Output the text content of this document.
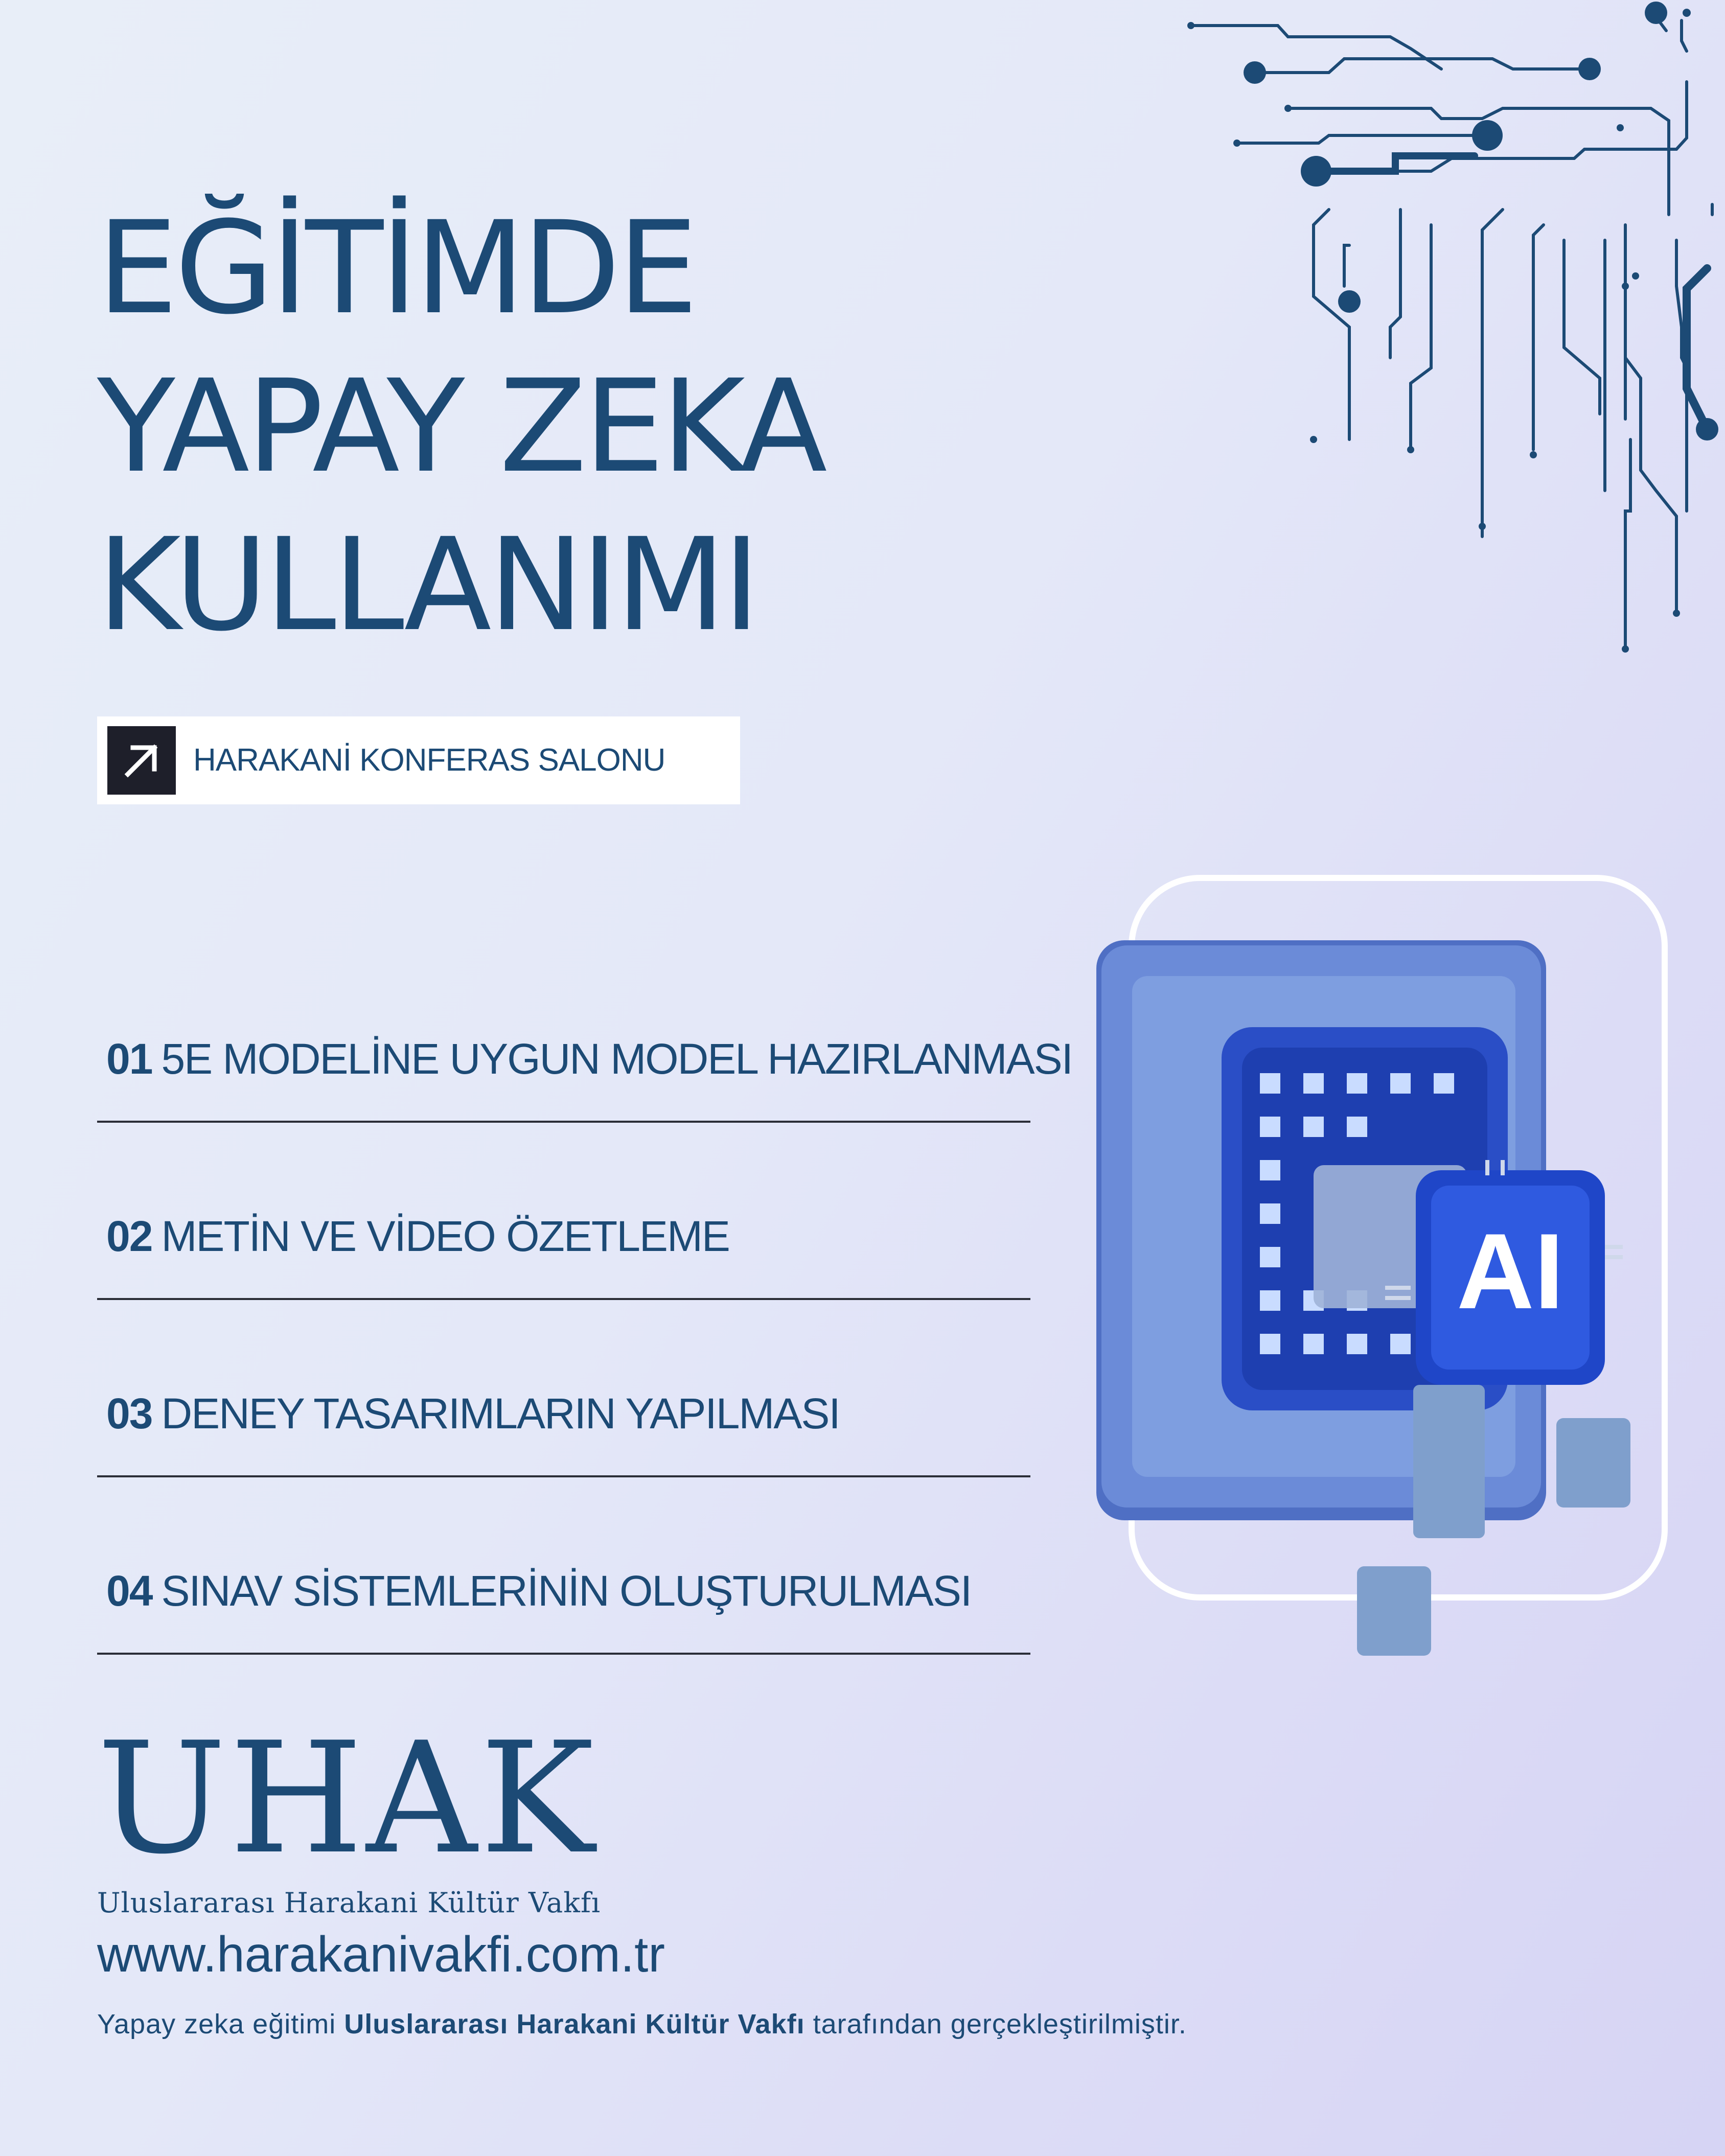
EĞİTİMDE
YAPAY ZEKA
KULLANIMI
HARAKANİ KONFERAS SALONU
01 5E MODELİNE UYGUN MODEL HAZIRLANMASI
02 METİN VE VİDEO ÖZETLEME
03 DENEY TASARIMLARIN YAPILMASI
04 SINAV SİSTEMLERİNİN OLUŞTURULMASI
AI
UHAK
Uluslararası Harakani Kültür Vakfı
www.harakanivakfi.com.tr
Yapay zeka eğitimi Uluslararası Harakani Kültür Vakfı tarafından gerçekleştirilmiştir.
